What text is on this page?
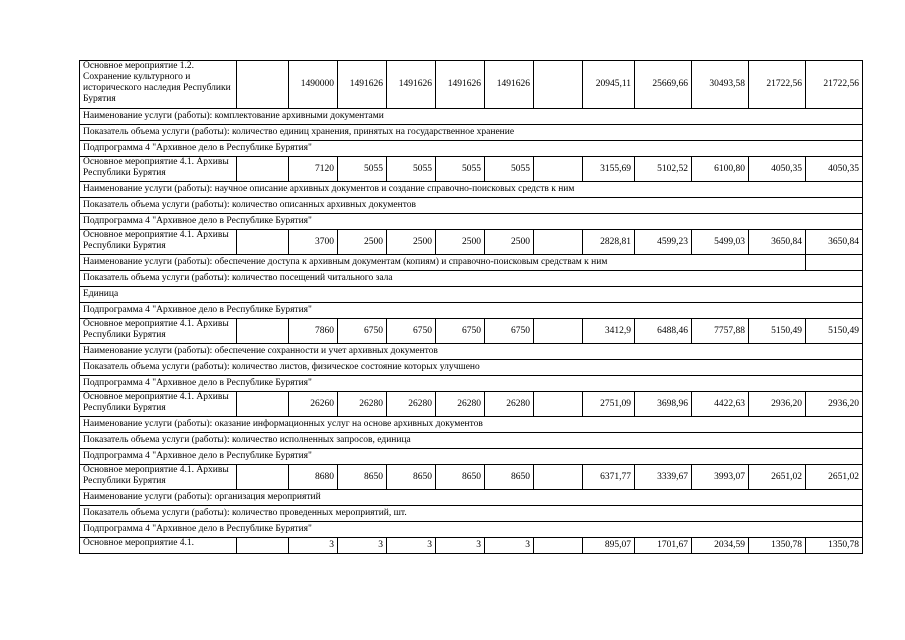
Основное мероприятие 1.2. Сохранение культурного и исторического наследия Республики Бурятия		1490000	1491626	1491626	1491626	1491626		20945,11	25669,66	30493,58	21722,56	21722,56
Наименование услуги (работы): комплектование архивными документами												
Показатель объема услуги (работы): количество единиц хранения, принятых на государственное хранение												
Подпрограмма 4 "Архивное дело в Республике Бурятия"												
Основное мероприятие 4.1. Архивы Республики Бурятия		7120	5055	5055	5055	5055		3155,69	5102,52	6100,80	4050,35	4050,35
Наименование услуги (работы): научное описание архивных документов и создание справочно-поисковых средств к ним												
Показатель объема услуги (работы): количество описанных архивных документов												
Подпрограмма 4 "Архивное дело в Республике Бурятия"												
Основное мероприятие 4.1. Архивы Республики Бурятия		3700	2500	2500	2500	2500		2828,81	4599,23	5499,03	3650,84	3650,84
Наименование услуги (работы): обеспечение доступа к архивным документам (копиям) и справочно-поисковым средствам к ним												
Показатель объема услуги (работы): количество посещений читального зала												
Единица												
Подпрограмма 4 "Архивное дело в Республике Бурятия"												
Основное мероприятие 4.1. Архивы Республики Бурятия		7860	6750	6750	6750	6750		3412,9	6488,46	7757,88	5150,49	5150,49
Наименование услуги (работы): обеспечение сохранности и учет архивных документов												
Показатель объема услуги (работы): количество листов, физическое состояние которых улучшено												
Подпрограмма 4 "Архивное дело в Республике Бурятия"												
Основное мероприятие 4.1. Архивы Республики Бурятия		26260	26280	26280	26280	26280		2751,09	3698,96	4422,63	2936,20	2936,20
Наименование услуги (работы): оказание информационных услуг на основе архивных документов												
Показатель объема услуги (работы): количество исполненных запросов, единица												
Подпрограмма 4 "Архивное дело в Республике Бурятия"												
Основное мероприятие 4.1. Архивы Республики Бурятия		8680	8650	8650	8650	8650		6371,77	3339,67	3993,07	2651,02	2651,02
Наименование услуги (работы): организация мероприятий												
Показатель объема услуги (работы): количество проведенных мероприятий, шт.												
Подпрограмма 4 "Архивное дело в Республике Бурятия"												
Основное мероприятие 4.1.		3	3	3	3	3		895,07	1701,67	2034,59	1350,78	1350,78
